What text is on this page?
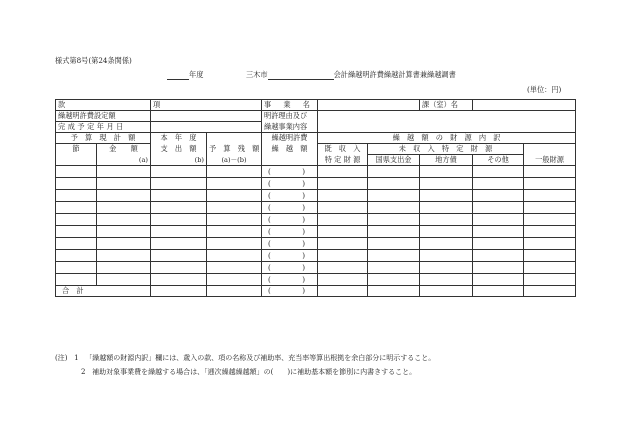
様式第8号(第24条関係)
年度	三木市	会計繰越明許費繰越計算書兼繰越調書
(単位：円)
款		項		事　業　名			課（室）名		
繰越明許費設定額				明許理由及び					
完成予定年月日				繰越事業内容					
予　算　現　計　額		本　年　度		繰越明許費	繰　越　額　の　財　源　内　訳				
節	金　　額	支　出　額	予　算　残　額	繰　越　額	既　収　入	未　収　入　特　定　財　源			
	(a)	(b)	(a)－(b)		特 定 財 源	国県支出金	地方債	その他	一般財源

				( )					

				( )					

				( )					

				( )					

				( )					

				( )					

				( )					

				( )					

				( )					

				( )					

合　計				( )					

(注) 1 「繰越額の財源内訳」欄には、歳入の款、項の名称及び補助率、充当率等算出根拠を余白部分に明示すること。
2 補助対象事業費を繰越する場合は、「逓次繰越繰越額」の(　　)に補助基本額を節別に内書きすること。
